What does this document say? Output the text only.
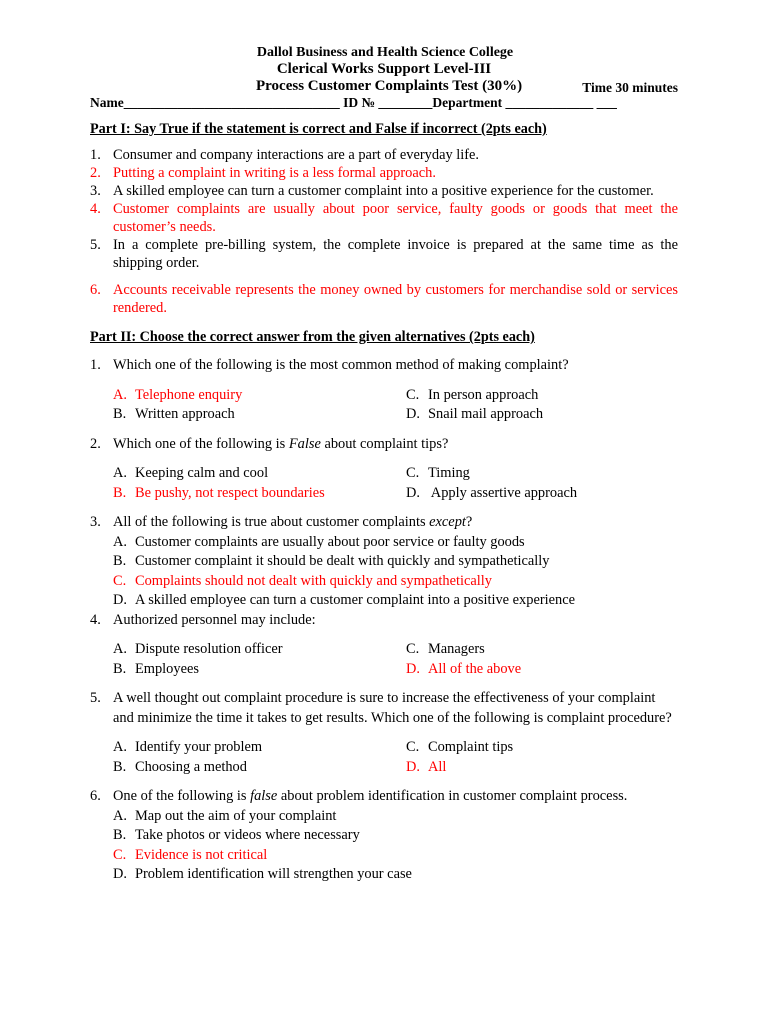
Dallol Business and Health Science College
Clerical Works Support Level-III
Process Customer Complaints Test (30%)	Time 30 minutes
Name________________________________ ID № ________Department _____________ ___
Part I: Say True if the statement is correct and False if incorrect (2pts each)
1. Consumer and company interactions are a part of everyday life.
2. Putting a complaint in writing is a less formal approach.
3. A skilled employee can turn a customer complaint into a positive experience for the customer.
4. Customer complaints are usually about poor service, faulty goods or goods that meet the customer’s needs.
5. In a complete pre-billing system, the complete invoice is prepared at the same time as the shipping order.
6. Accounts receivable represents the money owned by customers for merchandise sold or services rendered.
Part II: Choose the correct answer from the given alternatives (2pts each)
1. Which one of the following is the most common method of making complaint?
A. Telephone enquiry	C. In person approach
B. Written approach	D. Snail mail approach
2. Which one of the following is False about complaint tips?
A. Keeping calm and cool	C. Timing
B. Be pushy, not respect boundaries	D. Apply assertive approach
3. All of the following is true about customer complaints except?
A. Customer complaints are usually about poor service or faulty goods
B. Customer complaint it should be dealt with quickly and sympathetically
C. Complaints should not dealt with quickly and sympathetically
D. A skilled employee can turn a customer complaint into a positive experience
4. Authorized personnel may include:
A. Dispute resolution officer	C. Managers
B. Employees	D. All of the above
5. A well thought out complaint procedure is sure to increase the effectiveness of your complaint and minimize the time it takes to get results. Which one of the following is complaint procedure?
A. Identify your problem	C. Complaint tips
B. Choosing a method	D. All
6. One of the following is false about problem identification in customer complaint process.
A. Map out the aim of your complaint
B. Take photos or videos where necessary
C. Evidence is not critical
D. Problem identification will strengthen your case
